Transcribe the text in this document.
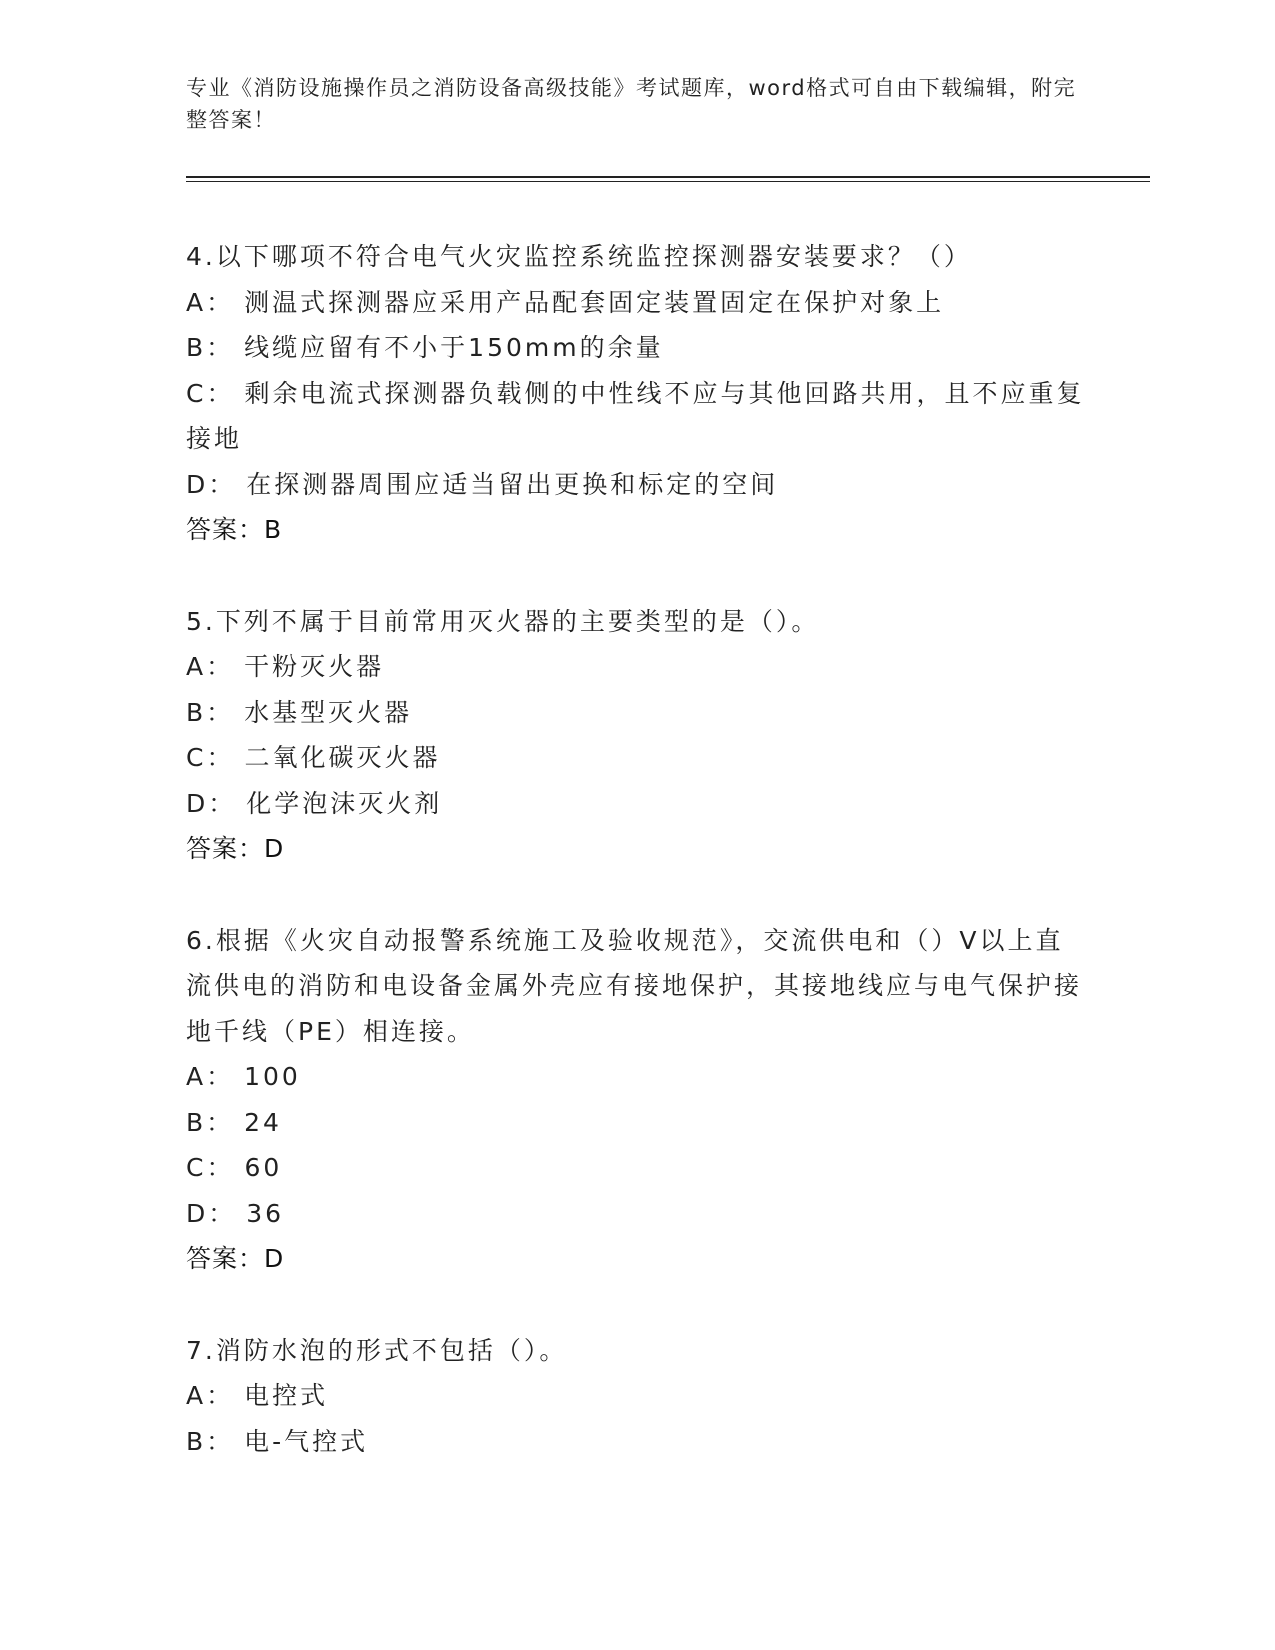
专业《消防设施操作员之消防设备高级技能》考试题库，word格式可自由下载编辑，附完整答案！
4.以下哪项不符合电气火灾监控系统监控探测器安装要求？（）
A： 测温式探测器应采用产品配套固定装置固定在保护对象上
B： 线缆应留有不小于150mm的余量
C： 剩余电流式探测器负载侧的中性线不应与其他回路共用，且不应重复接地
D： 在探测器周围应适当留出更换和标定的空间
答案：B
5.下列不属于目前常用灭火器的主要类型的是（）。
A： 干粉灭火器
B： 水基型灭火器
C： 二氧化碳灭火器
D： 化学泡沫灭火剂
答案：D
6.根据《火灾自动报警系统施工及验收规范》，交流供电和（）V以上直流供电的消防和电设备金属外壳应有接地保护，其接地线应与电气保护接地千线（PE）相连接。
A： 100
B： 24
C： 60
D： 36
答案：D
7.消防水泡的形式不包括（）。
A： 电控式
B： 电-气控式
